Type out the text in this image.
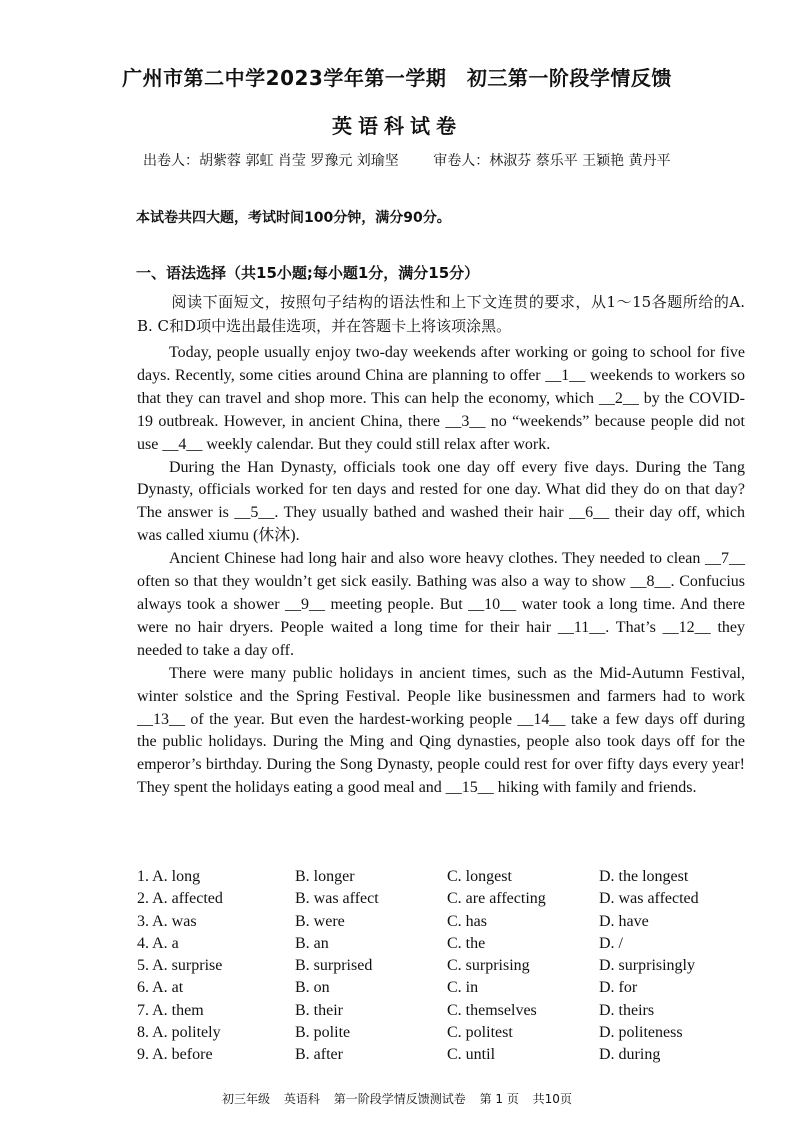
广州市第二中学2023学年第一学期　初三第一阶段学情反馈
英语科试卷
出卷人：胡紫蓉 郭虹 肖莹 罗豫元 刘瑜坚 审卷人：林淑芬 蔡乐平 王颖艳 黄丹平
本试卷共四大题，考试时间100分钟，满分90分。
一、语法选择（共15小题;每小题1分，满分15分）
阅读下面短文，按照句子结构的语法性和上下文连贯的要求，从1～15各题所给的A. B. C和D项中选出最佳选项，并在答题卡上将该项涂黑。

Today, people usually enjoy two-day weekends after working or going to school for five days. Recently, some cities around China are planning to offer __1__ weekends to workers so that they can travel and shop more. This can help the economy, which __2__ by the COVID-19 outbreak. However, in ancient China, there __3__ no “weekends” because people did not use __4__ weekly calendar. But they could still relax after work.

During the Han Dynasty, officials took one day off every five days. During the Tang Dynasty, officials worked for ten days and rested for one day. What did they do on that day? The answer is __5__. They usually bathed and washed their hair __6__ their day off, which was called xiumu (休沐).

Ancient Chinese had long hair and also wore heavy clothes. They needed to clean __7__ often so that they wouldn’t get sick easily. Bathing was also a way to show __8__. Confucius always took a shower __9__ meeting people. But __10__ water took a long time. And there were no hair dryers. People waited a long time for their hair __11__. That’s __12__ they needed to take a day off.

There were many public holidays in ancient times, such as the Mid-Autumn Festival, winter solstice and the Spring Festival. People like businessmen and farmers had to work __13__ of the year. But even the hardest-working people __14__ take a few days off during the public holidays. During the Ming and Qing dynasties, people also took days off for the emperor’s birthday. During the Song Dynasty, people could rest for over fifty days every year! They spent the holidays eating a good meal and __15__ hiking with family and friends.

1. A. long	B. longer	C. longest	D. the longest
2. A. affected	B. was affect	C. are affecting	D. was affected
3. A. was	B. were	C. has	D. have
4. A. a	B. an	C. the	D. /
5. A. surprise	B. surprised	C. surprising	D. surprisingly
6. A. at	B. on	C. in	D. for
7. A. them	B. their	C. themselves	D. theirs
8. A. politely	B. polite	C. politest	D. politeness
9. A. before	B. after	C. until	D. during
初三年级 英语科 第一阶段学情反馈测试卷 第 1 页 共10页
